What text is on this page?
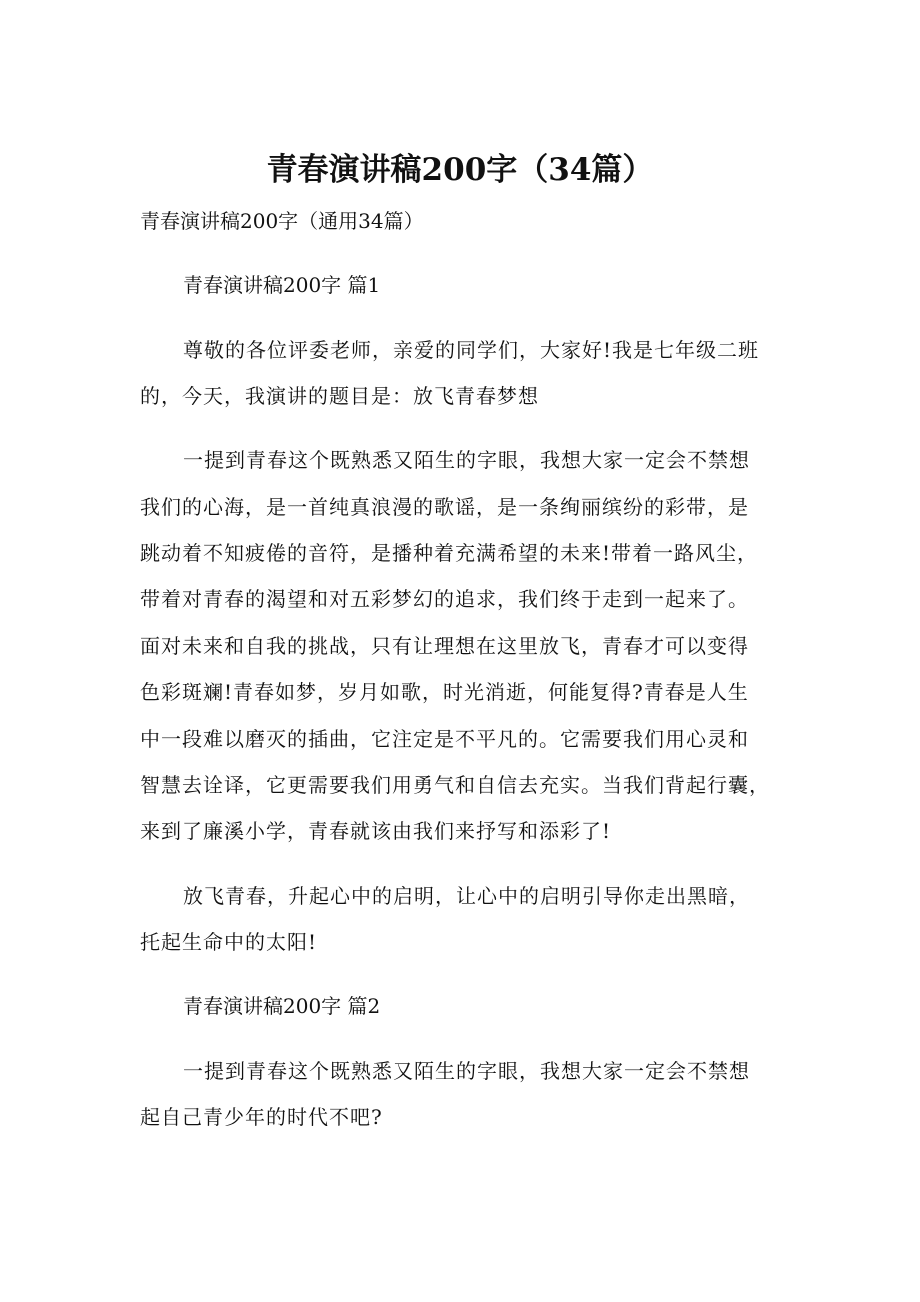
青春演讲稿200字（34篇）
青春演讲稿200字（通用34篇）
青春演讲稿200字 篇1
尊敬的各位评委老师，亲爱的同学们，大家好!我是七年级二班
的，今天，我演讲的题目是：放飞青春梦想
一提到青春这个既熟悉又陌生的字眼，我想大家一定会不禁想
我们的心海，是一首纯真浪漫的歌谣，是一条绚丽缤纷的彩带，是
跳动着不知疲倦的音符，是播种着充满希望的未来!带着一路风尘，
带着对青春的渴望和对五彩梦幻的追求，我们终于走到一起来了。
面对未来和自我的挑战，只有让理想在这里放飞，青春才可以变得
色彩斑斓!青春如梦，岁月如歌，时光消逝，何能复得?青春是人生
中一段难以磨灭的插曲，它注定是不平凡的。它需要我们用心灵和
智慧去诠译，它更需要我们用勇气和自信去充实。当我们背起行囊，
来到了廉溪小学，青春就该由我们来抒写和添彩了!
放飞青春，升起心中的启明，让心中的启明引导你走出黑暗，
托起生命中的太阳!
青春演讲稿200字 篇2
一提到青春这个既熟悉又陌生的字眼，我想大家一定会不禁想
起自己青少年的时代不吧?
